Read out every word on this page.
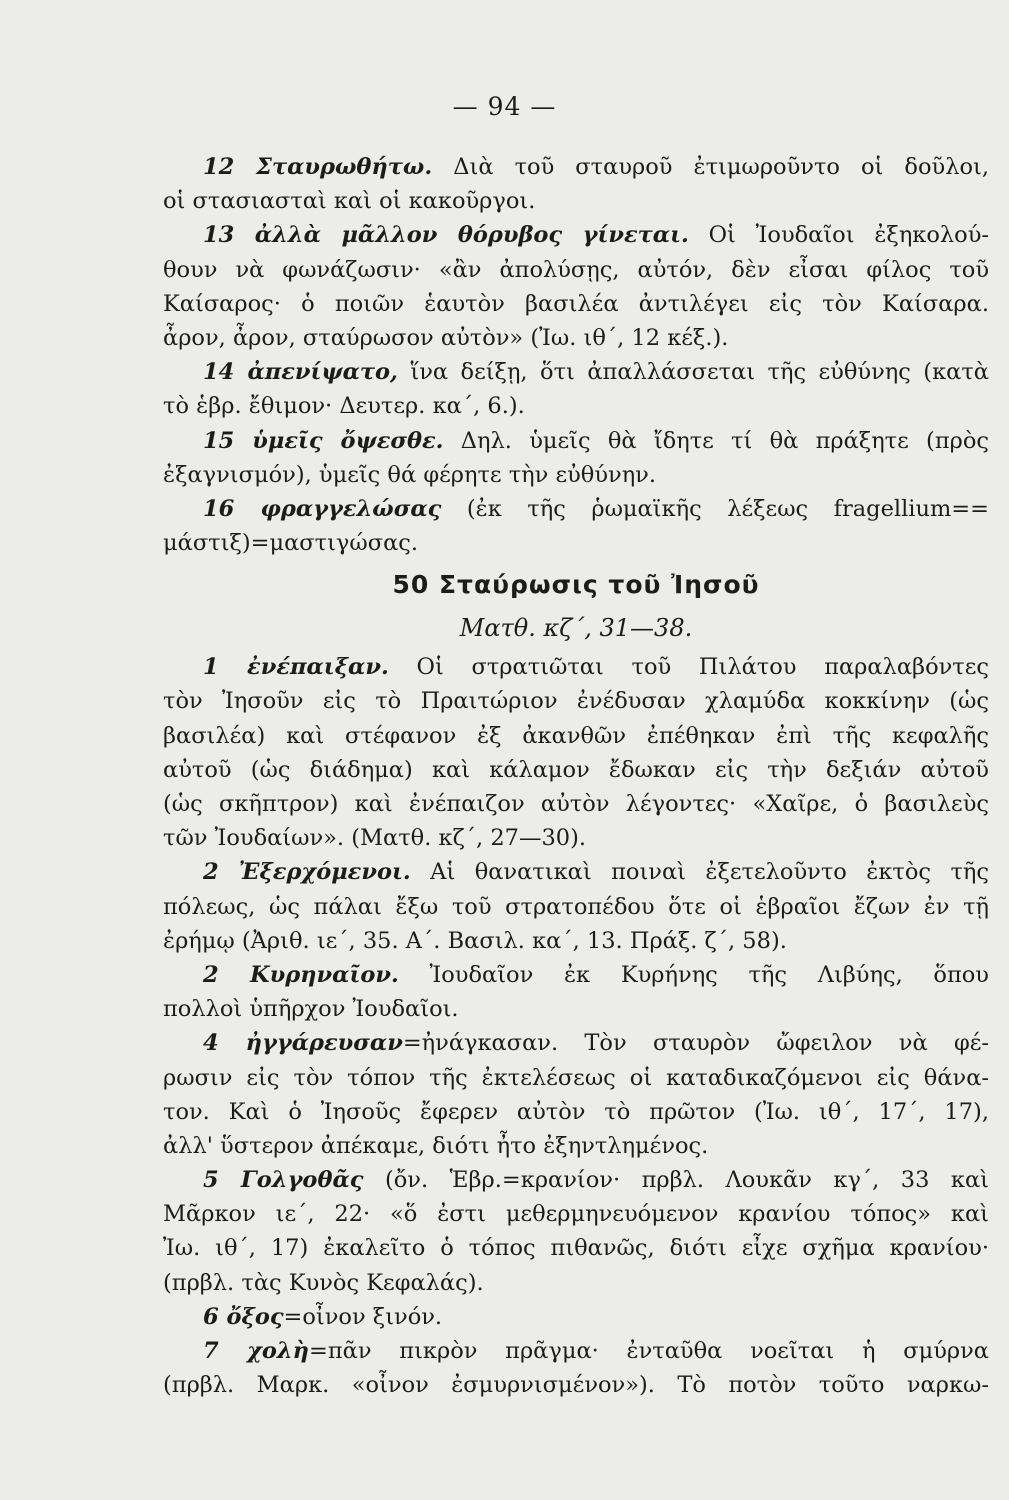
— 94 —
12 Σταυρωθήτω. Διὰ τοῦ σταυροῦ ἐτιμωροῦντο οἱ δοῦλοι,
οἱ στασιασταὶ καὶ οἱ κακοῦργοι.
13 ἀλλὰ μᾶλλον θόρυβος γίνεται. Οἱ Ἰουδαῖοι ἐξηκολού-
θουν νὰ φωνάζωσιν· «ἂν ἀπολύσῃς, αὐτόν, δὲν εἶσαι φίλος τοῦ
Καίσαρος· ὁ ποιῶν ἑαυτὸν βασιλέα ἀντιλέγει εἰς τὸν Καίσαρα.
ἆρον, ἆρον, σταύρωσον αὐτὸν» (Ἰω. ιθ΄, 12 κέξ.).
14 ἀπενίψατο, ἵνα δείξῃ, ὅτι ἀπαλλάσσεται τῆς εὐθύνης (κατὰ
τὸ ἑβρ. ἔθιμον· Δευτερ. κα΄, 6.).
15 ὑμεῖς ὄψεσθε. Δηλ. ὑμεῖς θὰ ἴδητε τί θὰ πράξητε (πρὸς
ἐξαγνισμόν), ὑμεῖς θά φέρητε τὴν εὐθύνην.
16 φραγγελώσας (ἐκ τῆς ῥωμαϊκῆς λέξεως fragellium==
μάστιξ)=μαστιγώσας.
50 Σταύρωσις τοῦ Ἰησοῦ
Ματθ. κζ΄, 31—38.
1 ἐνέπαιξαν. Οἱ στρατιῶται τοῦ Πιλάτου παραλαβόντες
τὸν Ἰησοῦν εἰς τὸ Πραιτώριον ἐνέδυσαν χλαμύδα κοκκίνην (ὡς
βασιλέα) καὶ στέφανον ἐξ ἀκανθῶν ἐπέθηκαν ἐπὶ τῆς κεφαλῆς
αὐτοῦ (ὡς διάδημα) καὶ κάλαμον ἔδωκαν εἰς τὴν δεξιάν αὐτοῦ
(ὡς σκῆπτρον) καὶ ἐνέπαιζον αὐτὸν λέγοντες· «Χαῖρε, ὁ βασιλεὺς
τῶν Ἰουδαίων». (Ματθ. κζ΄, 27—30).
2 Ἐξερχόμενοι. Αἱ θανατικαὶ ποιναὶ ἐξετελοῦντο ἐκτὸς τῆς
πόλεως, ὡς πάλαι ἔξω τοῦ στρατοπέδου ὅτε οἱ ἑβραῖοι ἔζων ἐν τῇ
ἐρήμῳ (Ἀριθ. ιε΄, 35. Α΄. Βασιλ. κα΄, 13. Πράξ. ζ΄, 58).
2 Κυρηναῖον. Ἰουδαῖον ἐκ Κυρήνης τῆς Λιβύης, ὅπου
πολλοὶ ὑπῆρχον Ἰουδαῖοι.
4 ἠγγάρευσαν=ἠνάγκασαν. Τὸν σταυρὸν ὤφειλον νὰ φέ-
ρωσιν εἰς τὸν τόπον τῆς ἐκτελέσεως οἱ καταδικαζόμενοι εἰς θάνα-
τον. Καὶ ὁ Ἰησοῦς ἔφερεν αὐτὸν τὸ πρῶτον (Ἰω. ιθ΄, 17΄, 17),
ἀλλ' ὕστερον ἀπέκαμε, διότι ἦτο ἐξηντλημένος.
5 Γολγοθᾶς (ὄν. Ἑβρ.=κρανίον· πρβλ. Λουκᾶν κγ΄, 33 καὶ
Μᾶρκον ιε΄, 22· «ὅ ἐστι μεθερμηνευόμενον κρανίου τόπος» καὶ
Ἰω. ιθ΄, 17) ἐκαλεῖτο ὁ τόπος πιθανῶς, διότι εἶχε σχῆμα κρανίου·
(πρβλ. τὰς Κυνὸς Κεφαλάς).
6 ὄξος=οἶνον ξινόν.
7 χολὴ=πᾶν πικρὸν πρᾶγμα· ἐνταῦθα νοεῖται ἡ σμύρνα
(πρβλ. Μαρκ. «οἶνον ἐσμυρνισμένον»). Τὸ ποτὸν τοῦτο ναρκω-
